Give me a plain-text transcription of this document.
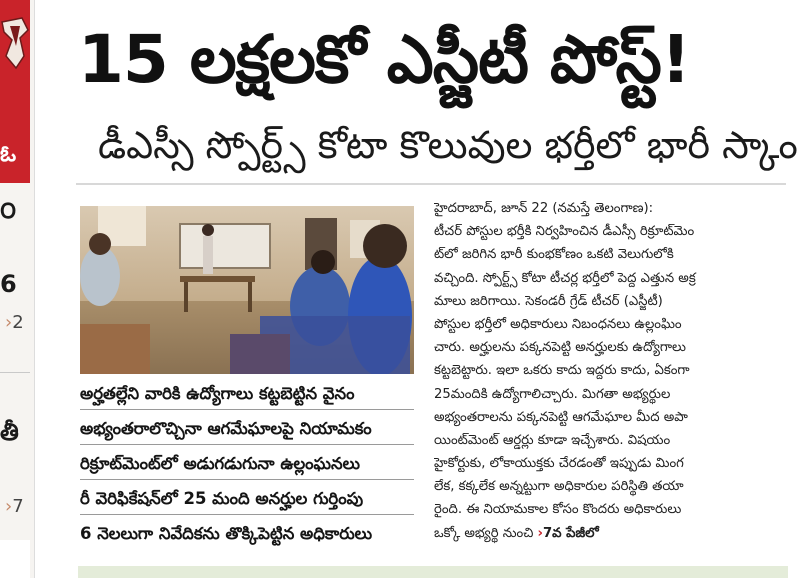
ఓ
౦
6
›2
తీ
›7
15 లక్షలకో ఎస్జీటీ పోస్ట్!
డీఎస్సీ స్పోర్ట్స్ కోటా కొలువుల భర్తీలో భారీ స్కాం
హైదరాబాద్, జూన్ 22 (నమస్తే తెలంగాణ):
టీచర్ పోస్టుల భర్తీకి నిర్వహించిన డీఎస్సీ రిక్రూట్‌మెం
ట్‌లో జరిగిన భారీ కుంభకోణం ఒకటి వెలుగులోకి
వచ్చింది. స్పోర్ట్స్ కోటా టీచర్ల భర్తీలో పెద్ద ఎత్తున అక్ర
మాలు జరిగాయి. సెకండరీ గ్రేడ్ టీచర్ (ఎస్జీటీ)
పోస్టుల భర్తీలో అధికారులు నిబంధనలు ఉల్లంఘిం
చారు. అర్హులను పక్కనపెట్టి అనర్హులకు ఉద్యోగాలు
కట్టబెట్టారు. ఇలా ఒకరు కాదు ఇద్దరు కాదు, ఏకంగా
25మందికి ఉద్యోగాలిచ్చారు. మిగతా అభ్యర్థుల
అభ్యంతరాలను పక్కనపెట్టి ఆగమేఘాల మీద అపా
యింట్‌మెంట్ ఆర్డర్లు కూడా ఇచ్చేశారు. విషయం
హైకోర్టుకు, లోకాయుక్తకు చేరడంతో ఇప్పుడు మింగ
లేక, కక్కలేక అన్నట్టుగా అధికారుల పరిస్థితి తయా
రైంది. ఈ నియామకాల కోసం కొందరు అధికారులు
ఒక్కో అభ్యర్థి నుంచి ›7వ పేజీలో
అర్హతల్లేని వారికి ఉద్యోగాలు కట్టబెట్టిన వైనం
అభ్యంతరాలొచ్చినా ఆగమేఘాలపై నియామకం
రిక్రూట్‌మెంట్‌లో అడుగడుగునా ఉల్లంఘనలు
రీ వెరిఫికేషన్‌లో 25 మంది అనర్హుల గుర్తింపు
6 నెలలుగా నివేదికను తొక్కిపెట్టిన అధికారులు
